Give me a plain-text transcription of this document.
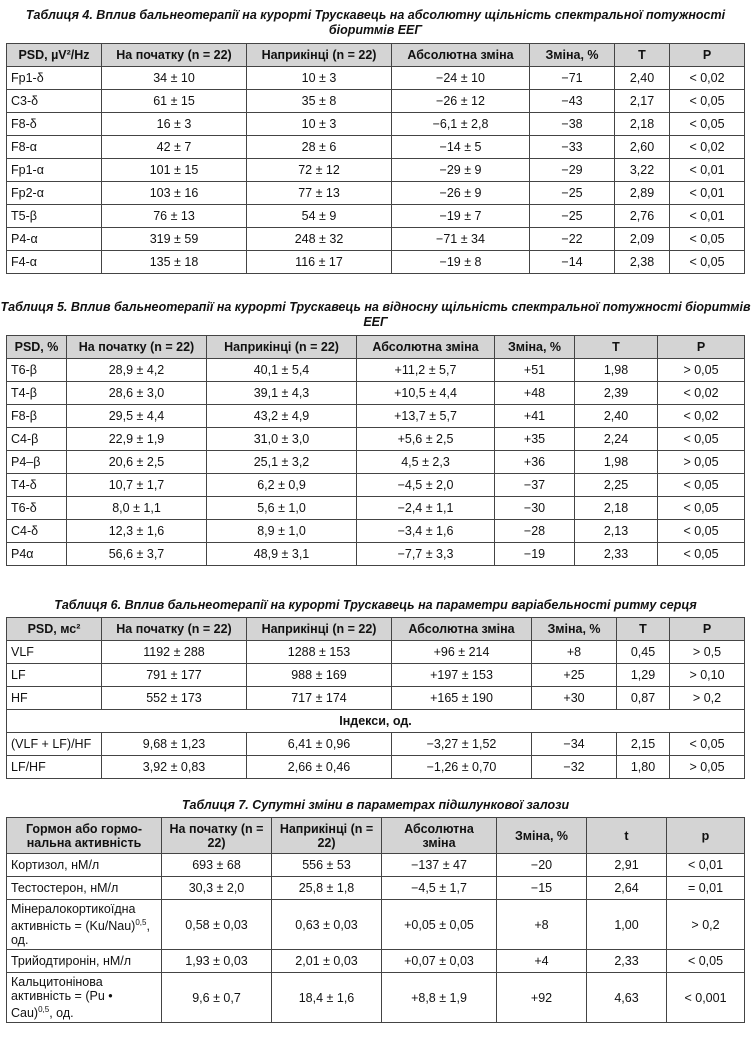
Таблиця 4. Вплив бальнеотерапії на курорті Трускавець на абсолютну щільність спектральної потужності біоритмів ЕЕГ
PSD, µV²/Hz	На початку (n = 22)	Наприкінці (n = 22)	Абсолютна зміна	Зміна, %	T	P
Fp1-δ	34 ± 10	10 ± 3	−24 ± 10	−71	2,40	< 0,02
C3-δ	61 ± 15	35 ± 8	−26 ± 12	−43	2,17	< 0,05
F8-δ	16 ± 3	10 ± 3	−6,1 ± 2,8	−38	2,18	< 0,05
F8-α	42 ± 7	28 ± 6	−14 ± 5	−33	2,60	< 0,02
Fp1-α	101 ± 15	72 ± 12	−29 ± 9	−29	3,22	< 0,01
Fp2-α	103 ± 16	77 ± 13	−26 ± 9	−25	2,89	< 0,01
T5-β	76 ± 13	54 ± 9	−19 ± 7	−25	2,76	< 0,01
P4-α	319 ± 59	248 ± 32	−71 ± 34	−22	2,09	< 0,05
F4-α	135 ± 18	116 ± 17	−19 ± 8	−14	2,38	< 0,05
Таблиця 5. Вплив бальнеотерапії на курорті Трускавець на відносну щільність спектральної потужності біоритмів ЕЕГ
PSD, %	На початку (n = 22)	Наприкінці (n = 22)	Абсолютна зміна	Зміна, %	T	P
T6-β	28,9 ± 4,2	40,1 ± 5,4	+11,2 ± 5,7	+51	1,98	> 0,05
T4-β	28,6 ± 3,0	39,1 ± 4,3	+10,5 ± 4,4	+48	2,39	< 0,02
F8-β	29,5 ± 4,4	43,2 ± 4,9	+13,7 ± 5,7	+41	2,40	< 0,02
C4-β	22,9 ± 1,9	31,0 ± 3,0	+5,6 ± 2,5	+35	2,24	< 0,05
P4–β	20,6 ± 2,5	25,1 ± 3,2	4,5 ± 2,3	+36	1,98	> 0,05
T4-δ	10,7 ± 1,7	6,2 ± 0,9	−4,5 ± 2,0	−37	2,25	< 0,05
T6-δ	8,0 ± 1,1	5,6 ± 1,0	−2,4 ± 1,1	−30	2,18	< 0,05
C4-δ	12,3 ± 1,6	8,9 ± 1,0	−3,4 ± 1,6	−28	2,13	< 0,05
P4α	56,6 ± 3,7	48,9 ± 3,1	−7,7 ± 3,3	−19	2,33	< 0,05
Таблиця 6. Вплив бальнеотерапії на курорті Трускавець на параметри варіабельності ритму серця
PSD, мс²	На початку (n = 22)	Наприкінці (n = 22)	Абсолютна зміна	Зміна, %	T	P
VLF	1192 ± 288	1288 ± 153	+96 ± 214	+8	0,45	> 0,5
LF	791 ± 177	988 ± 169	+197 ± 153	+25	1,29	> 0,10
HF	552 ± 173	717 ± 174	+165 ± 190	+30	0,87	> 0,2
Індекси, од.						
(VLF + LF)/HF	9,68 ± 1,23	6,41 ± 0,96	−3,27 ± 1,52	−34	2,15	< 0,05
LF/HF	3,92 ± 0,83	2,66 ± 0,46	−1,26 ± 0,70	−32	1,80	> 0,05
Таблиця 7. Супутні зміни в параметрах підшлункової залози
Гормон або гормо-нальна активність	На початку (n = 22)	Наприкінці (n = 22)	Абсолютна зміна	Зміна, %	t	p
Кортизол, нМ/л	693 ± 68	556 ± 53	−137 ± 47	−20	2,91	< 0,01
Тестостерон, нМ/л	30,3 ± 2,0	25,8 ± 1,8	−4,5 ± 1,7	−15	2,64	= 0,01
Мінералокортикоїдна активність = $(Ku/Nau)^{0,5}$, од.	0,58 ± 0,03	0,63 ± 0,03	+0,05 ± 0,05	+8	1,00	> 0,2
Трийодтиронін, нМ/л	1,93 ± 0,03	2,01 ± 0,03	+0,07 ± 0,03	+4	2,33	< 0,05
Кальцитонінова активність = (Pu • Cau)$^{0,5}$, од.	9,6 ± 0,7	18,4 ± 1,6	+8,8 ± 1,9	+92	4,63	< 0,001
